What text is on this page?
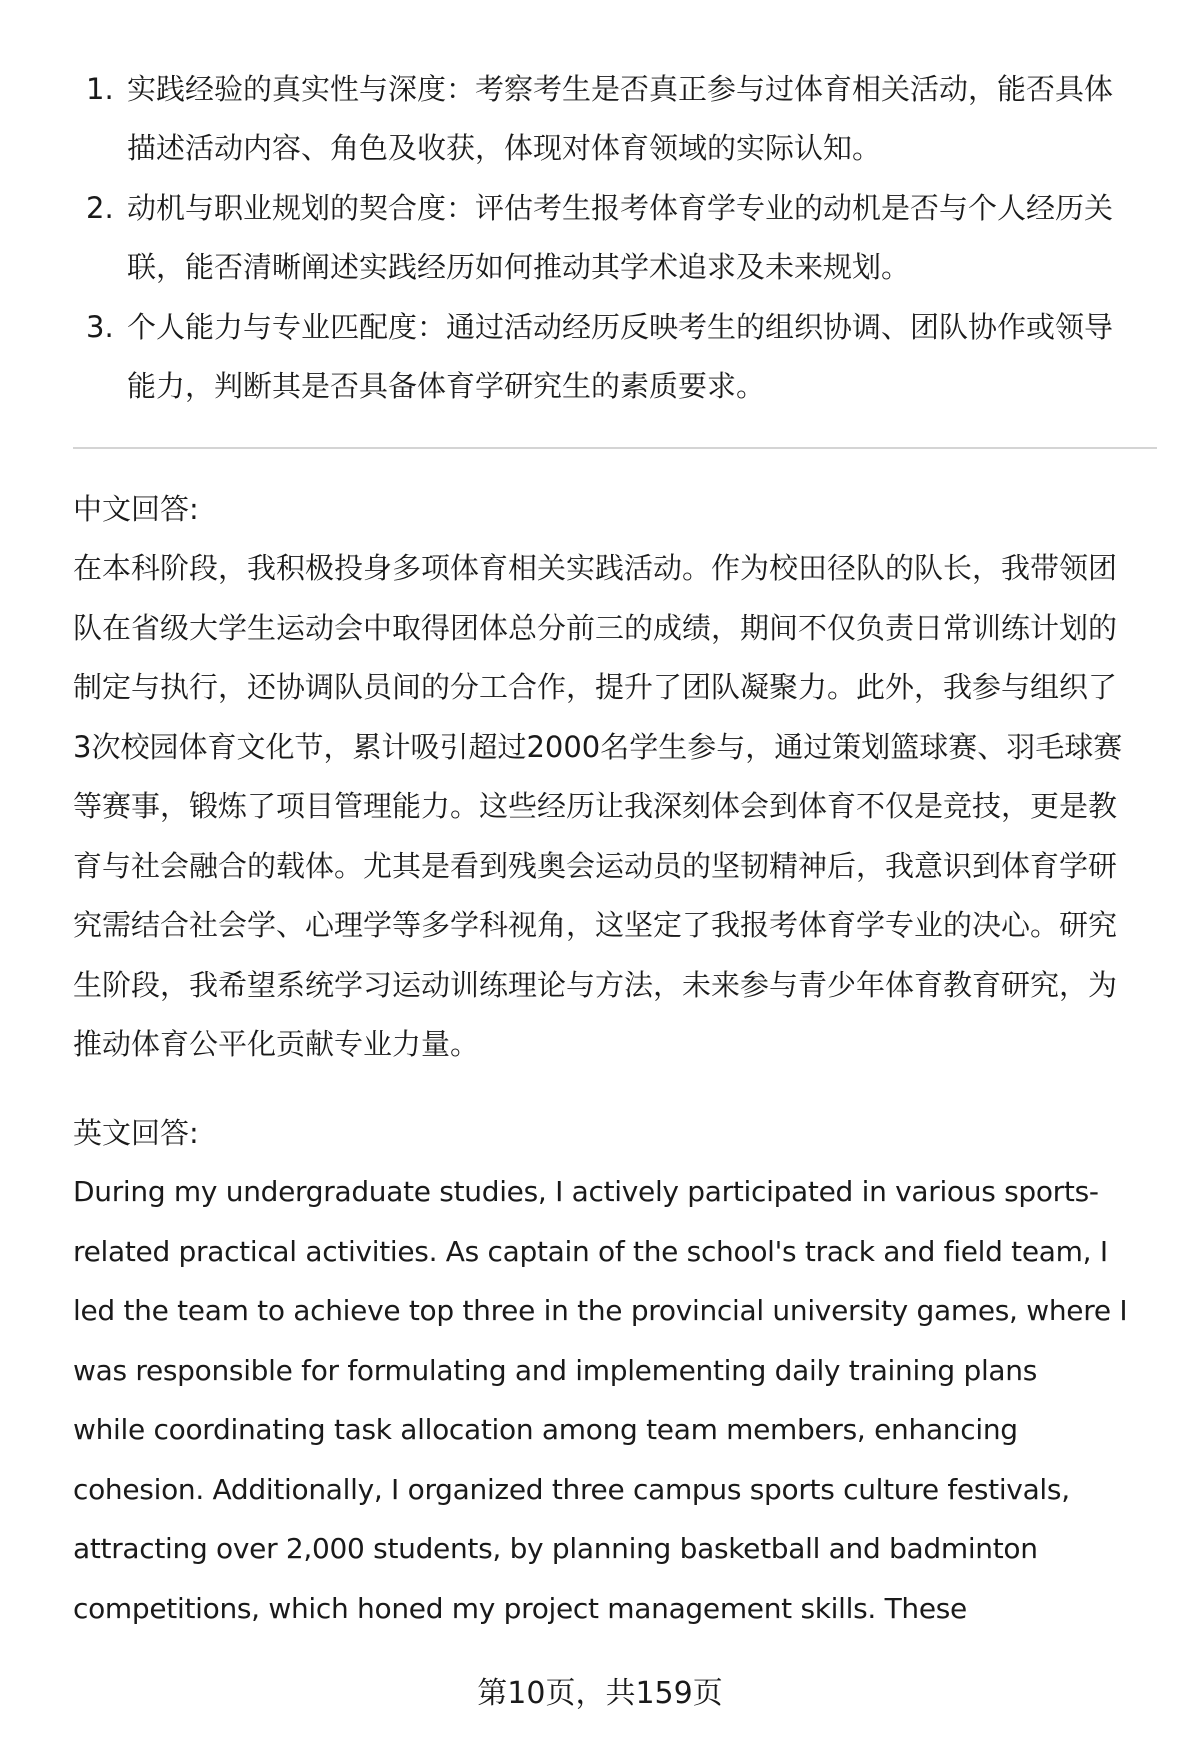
1. 实践经验的真实性与深度：考察考生是否真正参与过体育相关活动，能否具体
描述活动内容、角色及收获，体现对体育领域的实际认知。
2. 动机与职业规划的契合度：评估考生报考体育学专业的动机是否与个人经历关
联，能否清晰阐述实践经历如何推动其学术追求及未来规划。
3. 个人能力与专业匹配度：通过活动经历反映考生的组织协调、团队协作或领导
能力，判断其是否具备体育学研究生的素质要求。
中文回答:
在本科阶段，我积极投身多项体育相关实践活动。作为校田径队的队长，我带领团
队在省级大学生运动会中取得团体总分前三的成绩，期间不仅负责日常训练计划的
制定与执行，还协调队员间的分工合作，提升了团队凝聚力。此外，我参与组织了
3次校园体育文化节，累计吸引超过2000名学生参与，通过策划篮球赛、羽毛球赛
等赛事，锻炼了项目管理能力。这些经历让我深刻体会到体育不仅是竞技，更是教
育与社会融合的载体。尤其是看到残奥会运动员的坚韧精神后，我意识到体育学研
究需结合社会学、心理学等多学科视角，这坚定了我报考体育学专业的决心。研究
生阶段，我希望系统学习运动训练理论与方法，未来参与青少年体育教育研究，为
推动体育公平化贡献专业力量。
英文回答:
During my undergraduate studies, I actively participated in various sports-
related practical activities. As captain of the school's track and field team, I
led the team to achieve top three in the provincial university games, where I
was responsible for formulating and implementing daily training plans
while coordinating task allocation among team members, enhancing
cohesion. Additionally, I organized three campus sports culture festivals,
attracting over 2,000 students, by planning basketball and badminton
competitions, which honed my project management skills. These
第10页，共159页
